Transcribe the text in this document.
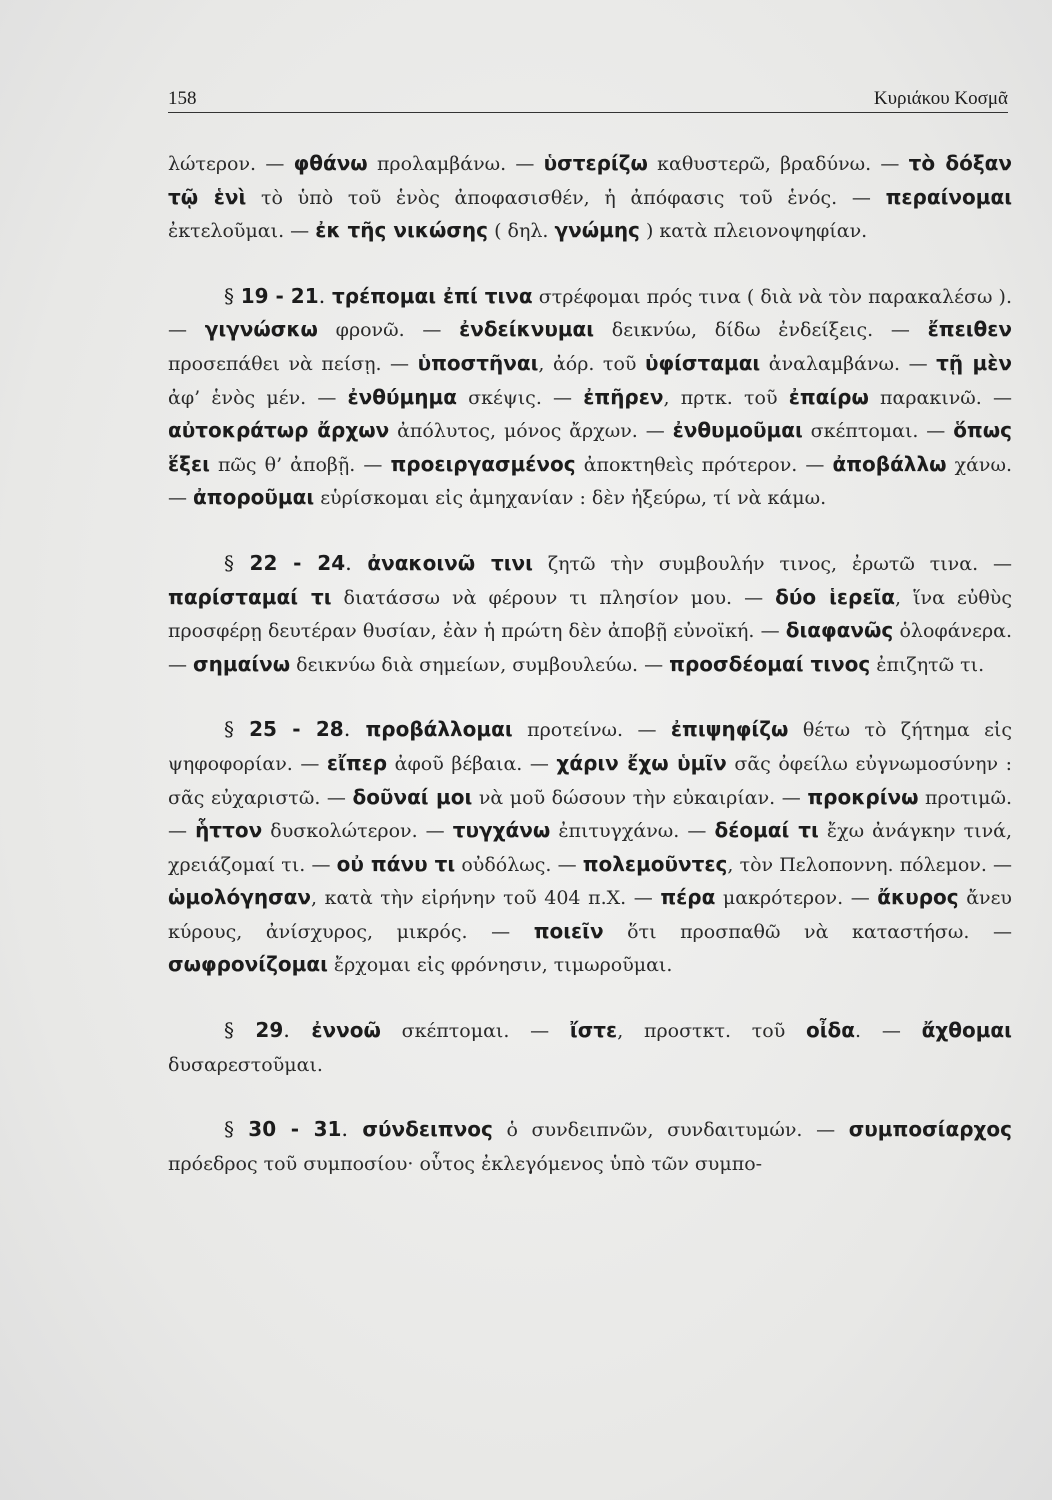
158	Κυριάκου Κοσμᾶ

λώτερον. — φθάνω προλαμβάνω. — ὑστερίζω καθυστερῶ, βραδύνω. — τὸ δόξαν τῷ ἑνὶ τὸ ὑπὸ τοῦ ἑνὸς ἀποφασισθέν, ἡ ἀπόφασις τοῦ ἑνός. — περαίνομαι ἐκτελοῦμαι. — ἐκ τῆς νικώσης ( δηλ. γνώμης ) κατὰ πλειονοψηφίαν.

§ 19 - 21. τρέπομαι ἐπί τινα στρέφομαι πρός τινα ( διὰ νὰ τὸν παρακαλέσω ). — γιγνώσκω φρονῶ. — ἐνδείκνυμαι δεικνύω, δίδω ἐνδείξεις. — ἔπειθεν προσεπάθει νὰ πείσῃ. — ὑποστῆναι, ἀόρ. τοῦ ὑφίσταμαι ἀναλαμβάνω. — τῇ μὲν ἀφ’ ἑνὸς μέν. — ἐνθύμημα σκέψις. — ἐπῆρεν, πρτκ. τοῦ ἐπαίρω παρακινῶ. — αὐτοκράτωρ ἄρχων ἀπόλυτος, μόνος ἄρχων. — ἐνθυμοῦμαι σκέπτομαι. — ὅπως ἕξει πῶς θ’ ἀποβῇ. — προειργασμένος ἀποκτηθεὶς πρότερον. — ἀποβάλλω χάνω. — ἀποροῦμαι εὑρίσκομαι εἰς ἀμηχανίαν : δὲν ἠξεύρω, τί νὰ κάμω.

§ 22 - 24. ἀνακοινῶ τινι ζητῶ τὴν συμβουλήν τινος, ἐρωτῶ τινα. — παρίσταμαί τι διατάσσω νὰ φέρουν τι πλησίον μου. — δύο ἱερεῖα, ἵνα εὐθὺς προσφέρῃ δευτέραν θυσίαν, ἐὰν ἡ πρώτη δὲν ἀποβῇ εὐνοϊκή. — διαφανῶς ὁλοφάνερα. — σημαίνω δεικνύω διὰ σημείων, συμβουλεύω. — προσδέομαί τινος ἐπιζητῶ τι.

§ 25 - 28. προβάλλομαι προτείνω. — ἐπιψηφίζω θέτω τὸ ζήτημα εἰς ψηφοφορίαν. — εἴπερ ἀφοῦ βέβαια. — χάριν ἔχω ὑμῖν σᾶς ὀφείλω εὐγνωμοσύνην : σᾶς εὐχαριστῶ. — δοῦναί μοι νὰ μοῦ δώσουν τὴν εὐκαιρίαν. — προκρίνω προτιμῶ. — ἧττον δυσκολώτερον. — τυγχάνω ἐπιτυγχάνω. — δέομαί τι ἔχω ἀνάγκην τινά, χρειάζομαί τι. — οὐ πάνυ τι οὐδόλως. — πολεμοῦντες, τὸν Πελοποννη. πόλεμον. — ὡμολόγησαν, κατὰ τὴν εἰρήνην τοῦ 404 π.Χ. — πέρα μακρότερον. — ἄκυρος ἄνευ κύρους, ἀνίσχυρος, μικρός. — ποιεῖν ὅτι προσπαθῶ νὰ καταστήσω. — σωφρονίζομαι ἔρχομαι εἰς φρόνησιν, τιμωροῦμαι.

§ 29. ἐννοῶ σκέπτομαι. — ἴστε, προστκτ. τοῦ οἶδα. — ἄχθομαι δυσαρεστοῦμαι.

§ 30 - 31. σύνδειπνος ὁ συνδειπνῶν, συνδαιτυμών. — συμποσίαρχος πρόεδρος τοῦ συμποσίου· οὗτος ἐκλεγόμενος ὑπὸ τῶν συμπο-
